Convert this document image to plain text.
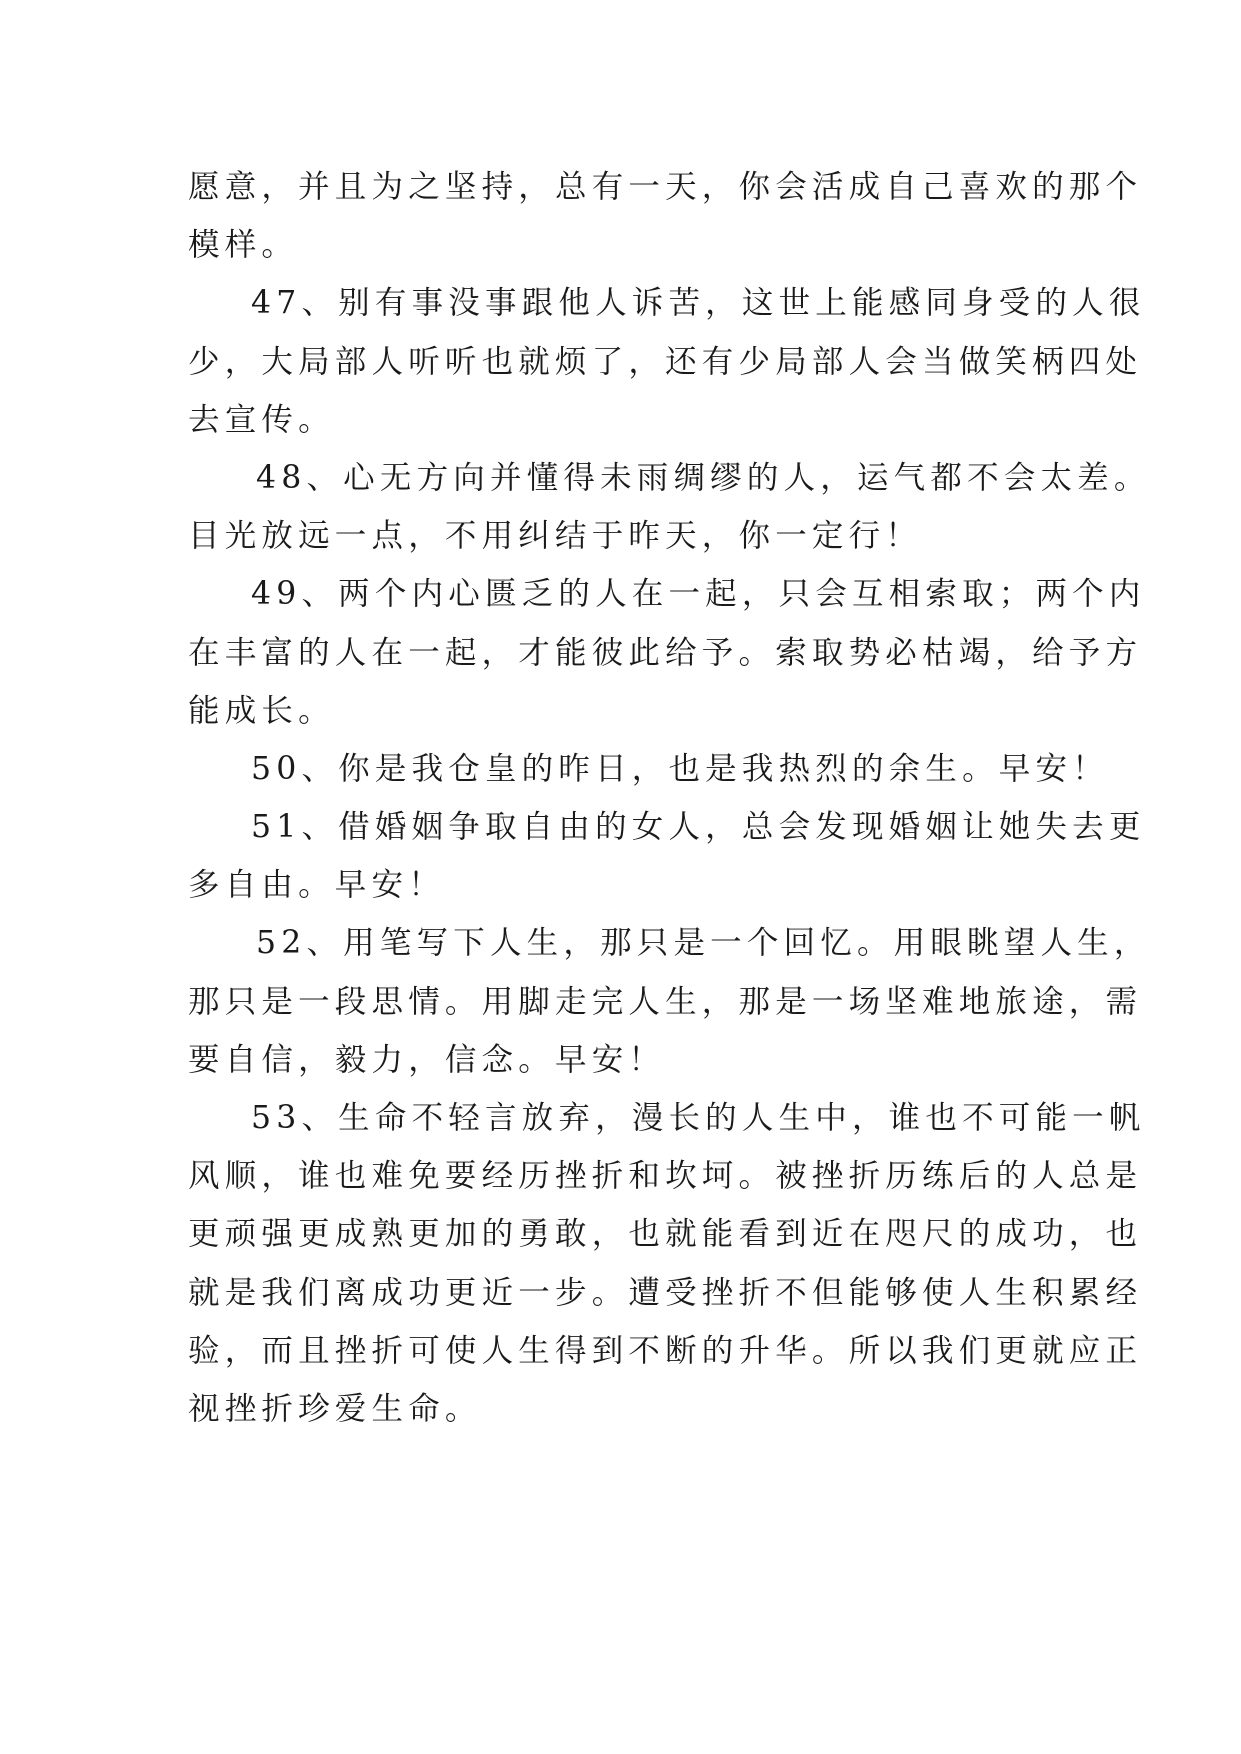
愿意，并且为之坚持，总有一天，你会活成自己喜欢的那个
模样。
47、别有事没事跟他人诉苦，这世上能感同身受的人很
少，大局部人听听也就烦了，还有少局部人会当做笑柄四处
去宣传。
48、心无方向并懂得未雨绸缪的人，运气都不会太差。
目光放远一点，不用纠结于昨天，你一定行！
49、两个内心匮乏的人在一起，只会互相索取；两个内
在丰富的人在一起，才能彼此给予。索取势必枯竭，给予方
能成长。
50、你是我仓皇的昨日，也是我热烈的余生。早安！
51、借婚姻争取自由的女人，总会发现婚姻让她失去更
多自由。早安！
52、用笔写下人生，那只是一个回忆。用眼眺望人生，
那只是一段思情。用脚走完人生，那是一场坚难地旅途，需
要自信，毅力，信念。早安！
53、生命不轻言放弃，漫长的人生中，谁也不可能一帆
风顺，谁也难免要经历挫折和坎坷。被挫折历练后的人总是
更顽强更成熟更加的勇敢，也就能看到近在咫尺的成功，也
就是我们离成功更近一步。遭受挫折不但能够使人生积累经
验，而且挫折可使人生得到不断的升华。所以我们更就应正
视挫折珍爱生命。
